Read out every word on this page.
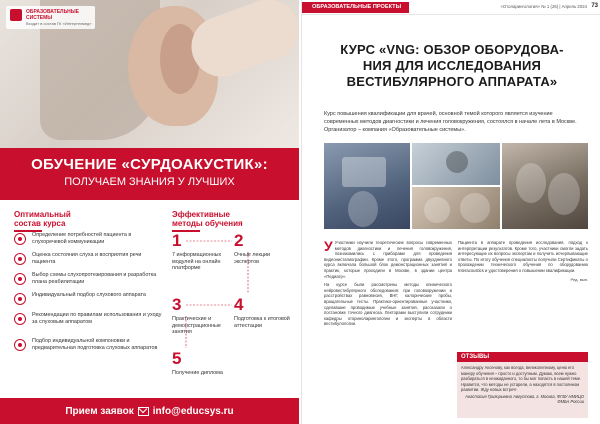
ОБРАЗОВАТЕЛЬНЫЕ
СИСТЕМЫ
Входит в состав ГК «Интертехмед»
ОБУЧЕНИЕ «СУРДОАКУСТИК»:
ПОЛУЧАЕМ ЗНАНИЯ У ЛУЧШИХ
Оптимальный
состав курса
Эффективные
методы обучения
Определение потребностей пациента в слухоречевой коммуникации
Оценка состояния слуха и восприятия речи пациента
Выбор схемы слухопротезирования и разработка плана реабилитации
Индивидуальный подбор слухового аппарата
Рекомендации по правилам использования и уходу за слуховым аппаратом
Подбор индивидуальной компоновки и предварительная подготовка слуховых аппаратов
1
7 информационных модулей на онлайн платформе
2
Очные лекции экспертов
3
Практические и демонстрационные занятия
4
Подготовка к итоговой аттестации
5
Получение диплома
Прием заявок info@educsys.ru
ОБРАЗОВАТЕЛЬНЫЕ ПРОЕКТЫ	«Отоларингология» № 1 (26) | Апрель 2024 73
КУРС «VNG: ОБЗОР ОБОРУДОВА-
НИЯ ДЛЯ ИССЛЕДОВАНИЯ
ВЕСТИБУЛЯРНОГО АППАРАТА»
Курс повышения квалификации для врачей, основной темой которого является изучение современных методов диагностики и лечения головокружения, состоялся в начале лета в Москве. Организатор – компания «Образовательные системы».

У Участники изучили теоретические вопросы современных методов диагностики и лечения головокружения, познакомились с приборами для проведения видеонистагмографии. Кроме этого, программа двухдневного курса включала большой блок демонстрационных занятий и практик, которые проходили в Москве, в здании центра «Педиатр».

На курсе были рассмотрены методы клинического нейровестибулярного обследования: при головокружении и расстройствах равновесия, ВНГ, калорические пробы, вращательные тесты. Практико-ориентированные участники, сделавшие проводимые учебные занятия, рассказали о постановке точного диагноза. Лекторами выступили сотрудники кафедры оториноларингологии и эксперты в области вестибулологии.

Пациента в аппарате проведения исследования, подход к интерпретации результатов. Кроме того, участники смогли задать интересующие их вопросы экспертам и получить исчерпывающие ответы. По итогу обучения специалисты получили Сертификаты о прохождении технического обучения по оборудованию Interacoustics и удостоверения о повышении квалификации.

Ред. вып.
ОТЗЫВЫ
Александру Аксенову, как всегда, великолепному, ценю его манеру обучения – просто и доступным. Думаю, всем нужно разбираться в неожиданного, то бы мог попасть в нашей теме. Нравится, что методы не устарели, а находятся в постоянном развитии. Жду новых встреч!
Анастасия Григорьевна Августова, г. Москва, ФГБУ НМИЦО ФМБА России
